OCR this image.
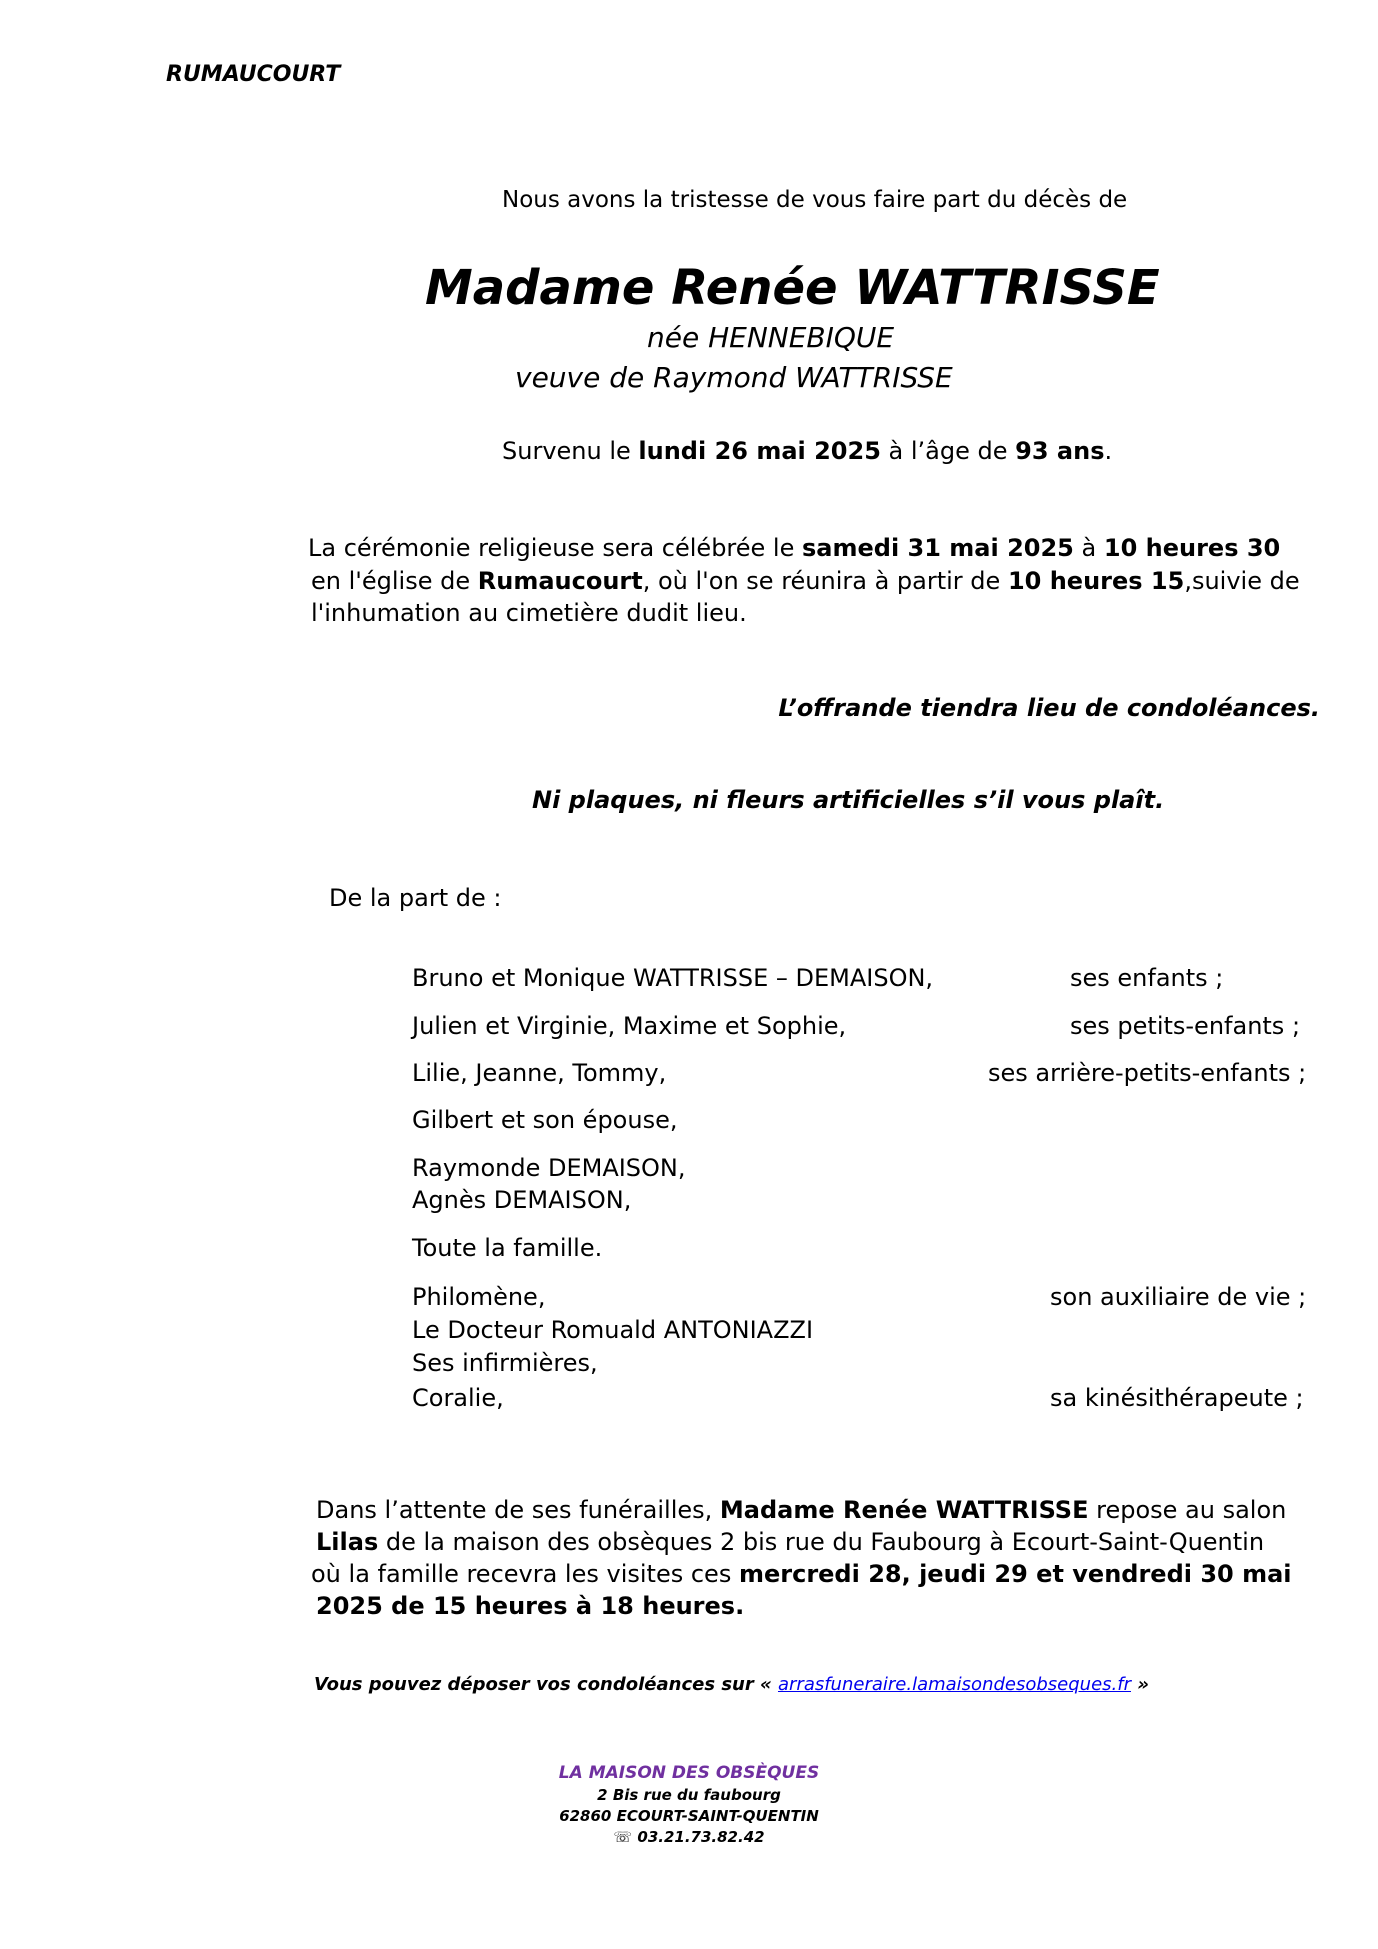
RUMAUCOURT
Nous avons la tristesse de vous faire part du décès de
Madame Renée WATTRISSE
née HENNEBIQUE
veuve de Raymond WATTRISSE
Survenu le lundi 26 mai 2025 à l’âge de 93 ans.
La cérémonie religieuse sera célébrée le samedi 31 mai 2025 à 10 heures 30
en l'église de Rumaucourt, où l'on se réunira à partir de 10 heures 15,suivie de
l'inhumation au cimetière dudit lieu.
L’offrande tiendra lieu de condoléances.
Ni plaques, ni fleurs artificielles s’il vous plaît.
De la part de :
Bruno et Monique WATTRISSE – DEMAISON,	ses enfants ;
Julien et Virginie, Maxime et Sophie,	ses petits-enfants ;
Lilie, Jeanne, Tommy,	ses arrière-petits-enfants ;
Gilbert et son épouse,
Raymonde DEMAISON,
Agnès DEMAISON,
Toute la famille.
Philomène,	son auxiliaire de vie ;
Le Docteur Romuald ANTONIAZZI
Ses infirmières,
Coralie,	sa kinésithérapeute ;
Dans l’attente de ses funérailles, Madame Renée WATTRISSE repose au salon
Lilas de la maison des obsèques 2 bis rue du Faubourg à Ecourt-Saint-Quentin
où la famille recevra les visites ces mercredi 28, jeudi 29 et vendredi 30 mai
2025 de 15 heures à 18 heures.
Vous pouvez déposer vos condoléances sur « arrasfuneraire.lamaisondesobseques.fr »
LA MAISON DES OBSÈQUES
2 Bis rue du faubourg
62860 ECOURT-SAINT-QUENTIN
☏ 03.21.73.82.42
